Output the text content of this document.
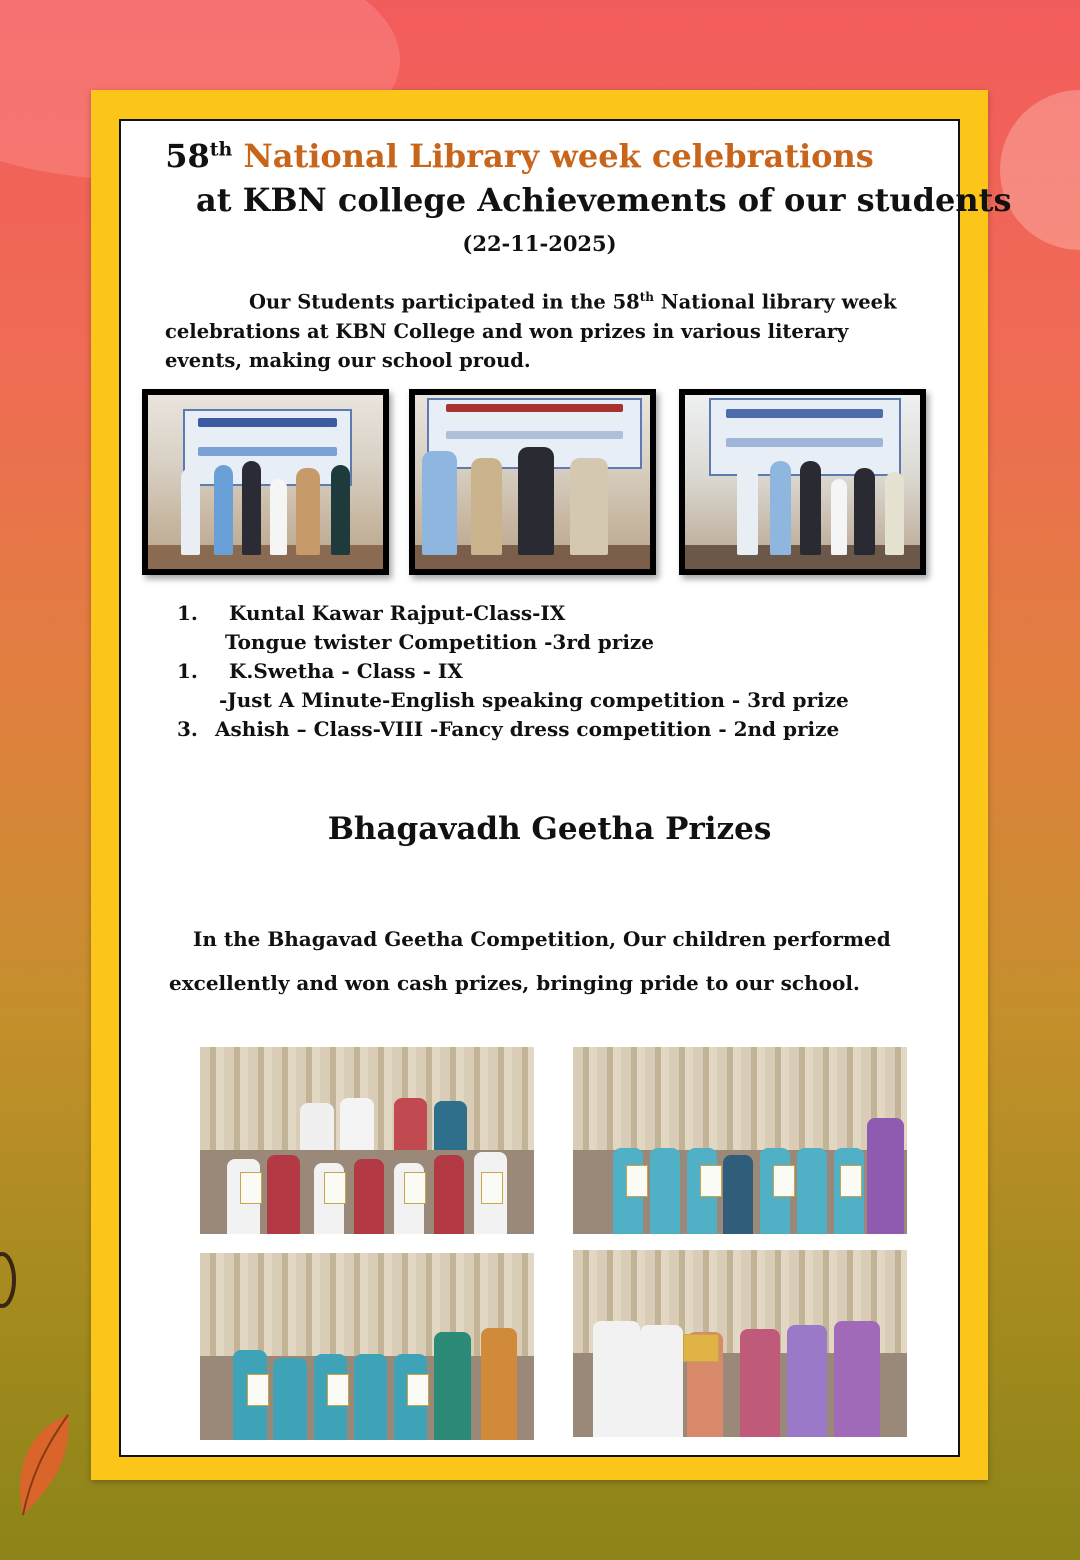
58th National Library week celebrations
at KBN college Achievements of our students
(22-11-2025)
Our Students participated in the 58th National library week celebrations at KBN College and won prizes in various literary events, making our school proud.
1. Kuntal Kawar Rajput-Class-IX
Tongue twister Competition -3rd prize
1. K.Swetha - Class - IX
-Just A Minute-English speaking competition - 3rd prize
3. Ashish – Class-VIII -Fancy dress competition - 2nd prize
Bhagavadh Geetha Prizes
In the Bhagavad Geetha Competition, Our children performed
excellently and won cash prizes, bringing pride to our school.
